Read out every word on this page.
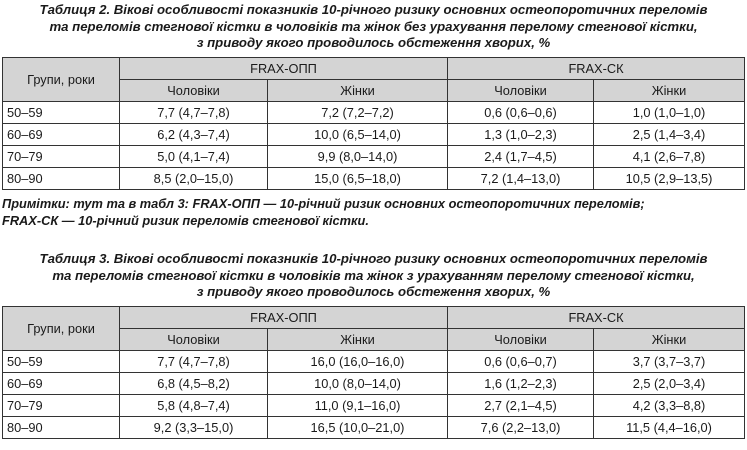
Таблиця 2. Вікові особливості показників 10-річного ризику основних остеопоротичних переломів
та переломів стегнової кістки в чоловіків та жінок без урахування перелому стегнової кістки,
з приводу якого проводилось обстеження хворих, %
Групи, роки	FRAX-ОПП		FRAX-СК	
	Чоловіки	Жінки	Чоловіки	Жінки
50–59	7,7 (4,7–7,8)	7,2 (7,2–7,2)	0,6 (0,6–0,6)	1,0 (1,0–1,0)
60–69	6,2 (4,3–7,4)	10,0 (6,5–14,0)	1,3 (1,0–2,3)	2,5 (1,4–3,4)
70–79	5,0 (4,1–7,4)	9,9 (8,0–14,0)	2,4 (1,7–4,5)	4,1 (2,6–7,8)
80–90	8,5 (2,0–15,0)	15,0 (6,5–18,0)	7,2 (1,4–13,0)	10,5 (2,9–13,5)
Примітки: тут та в табл 3: FRAX-ОПП — 10-річний ризик основних остеопоротичних переломів;
FRAX-СК — 10-річний ризик переломів стегнової кістки.
Таблиця 3. Вікові особливості показників 10-річного ризику основних остеопоротичних переломів
та переломів стегнової кістки в чоловіків та жінок з урахуванням перелому стегнової кістки,
з приводу якого проводилось обстеження хворих, %
Групи, роки	FRAX-ОПП		FRAX-СК	
	Чоловіки	Жінки	Чоловіки	Жінки
50–59	7,7 (4,7–7,8)	16,0 (16,0–16,0)	0,6 (0,6–0,7)	3,7 (3,7–3,7)
60–69	6,8 (4,5–8,2)	10,0 (8,0–14,0)	1,6 (1,2–2,3)	2,5 (2,0–3,4)
70–79	5,8 (4,8–7,4)	11,0 (9,1–16,0)	2,7 (2,1–4,5)	4,2 (3,3–8,8)
80–90	9,2 (3,3–15,0)	16,5 (10,0–21,0)	7,6 (2,2–13,0)	11,5 (4,4–16,0)
